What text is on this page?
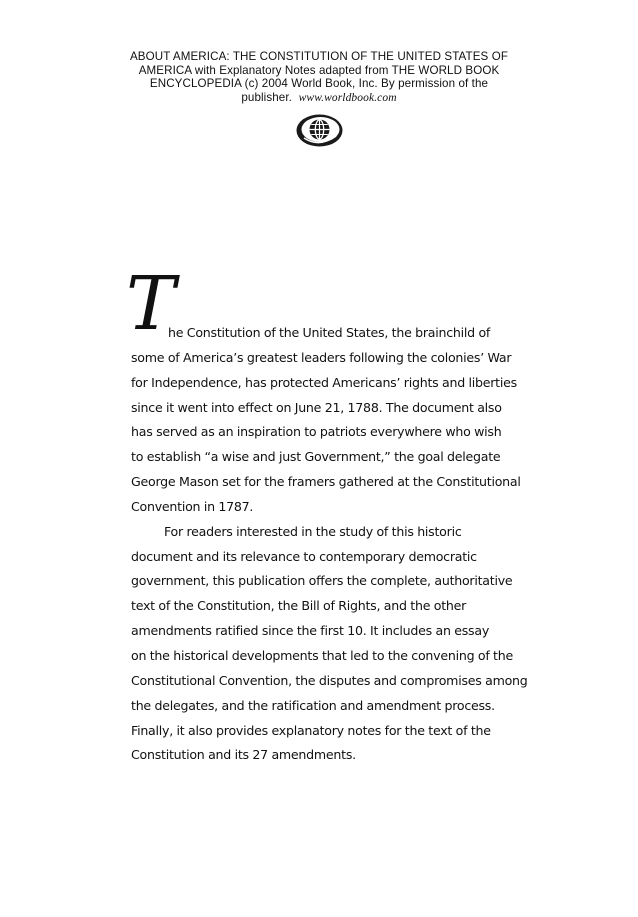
ABOUT AMERICA: THE CONSTITUTION OF THE UNITED STATES OF
AMERICA with Explanatory Notes adapted from THE WORLD BOOK
ENCYCLOPEDIA (c) 2004 World Book, Inc. By permission of the
publisher. www.worldbook.com
T
he Constitution of the United States, the brainchild of
some of America’s greatest leaders following the colonies’ War
for Independence, has protected Americans’ rights and liberties
since it went into effect on June 21, 1788. The document also
has served as an inspiration to patriots everywhere who wish
to establish “a wise and just Government,” the goal delegate
George Mason set for the framers gathered at the Constitutional
Convention in 1787.
For readers interested in the study of this historic
document and its relevance to contemporary democratic
government, this publication offers the complete, authoritative
text of the Constitution, the Bill of Rights, and the other
amendments ratified since the first 10. It includes an essay
on the historical developments that led to the convening of the
Constitutional Convention, the disputes and compromises among
the delegates, and the ratification and amendment process.
Finally, it also provides explanatory notes for the text of the
Constitution and its 27 amendments.
